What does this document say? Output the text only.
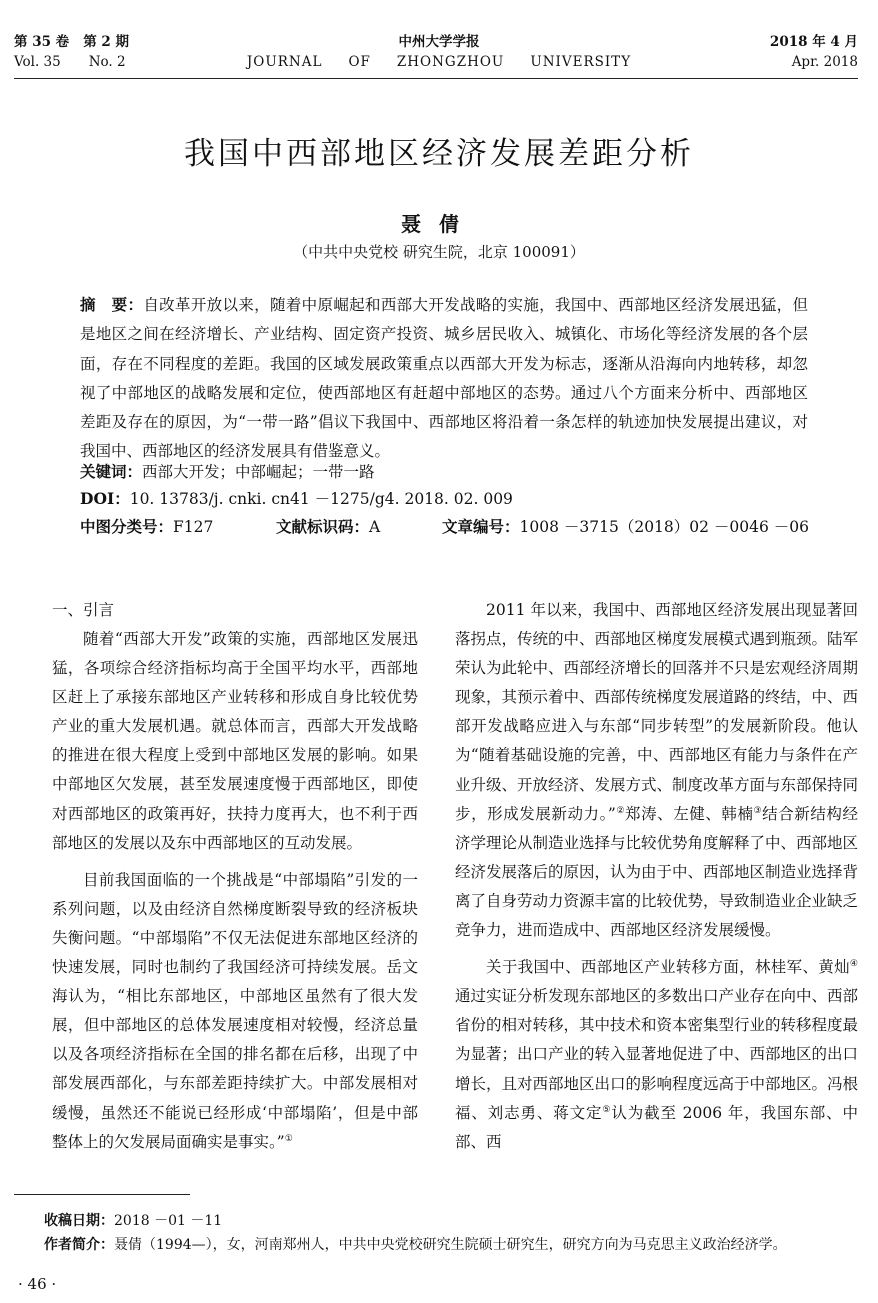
第 35 卷 第 2 期
Vol. 35 No. 2
中州大学学报
JOURNAL OF ZHONGZHOU UNIVERSITY
2018 年 4 月
Apr. 2018
我国中西部地区经济发展差距分析
聂倩
（中共中央党校 研究生院，北京 100091）
摘　要：自改革开放以来，随着中原崛起和西部大开发战略的实施，我国中、西部地区经济发展迅猛，但是地区之间在经济增长、产业结构、固定资产投资、城乡居民收入、城镇化、市场化等经济发展的各个层面，存在不同程度的差距。我国的区域发展政策重点以西部大开发为标志，逐渐从沿海向内地转移，却忽视了中部地区的战略发展和定位，使西部地区有赶超中部地区的态势。通过八个方面来分析中、西部地区差距及存在的原因，为“一带一路”倡议下我国中、西部地区将沿着一条怎样的轨迹加快发展提出建议，对我国中、西部地区的经济发展具有借鉴意义。
关键词：西部大开发；中部崛起；一带一路
DOI：10. 13783/j. cnki. cn41 －1275/g4. 2018. 02. 009
中图分类号：F127	文献标识码：A	文章编号：1008 －3715（2018）02 －0046 －06
一、引言

随着“西部大开发”政策的实施，西部地区发展迅猛，各项综合经济指标均高于全国平均水平，西部地区赶上了承接东部地区产业转移和形成自身比较优势产业的重大发展机遇。就总体而言，西部大开发战略的推进在很大程度上受到中部地区发展的影响。如果中部地区欠发展，甚至发展速度慢于西部地区，即使对西部地区的政策再好，扶持力度再大，也不利于西部地区的发展以及东中西部地区的互动发展。

目前我国面临的一个挑战是“中部塌陷”引发的一系列问题，以及由经济自然梯度断裂导致的经济板块失衡问题。“中部塌陷”不仅无法促进东部地区经济的快速发展，同时也制约了我国经济可持续发展。岳文海认为，“相比东部地区，中部地区虽然有了很大发展，但中部地区的总体发展速度相对较慢，经济总量以及各项经济指标在全国的排名都在后移，出现了中部发展西部化，与东部差距持续扩大。中部发展相对缓慢，虽然还不能说已经形成‘中部塌陷’，但是中部整体上的欠发展局面确实是事实。”①

2011 年以来，我国中、西部地区经济发展出现显著回落拐点，传统的中、西部地区梯度发展模式遇到瓶颈。陆军荣认为此轮中、西部经济增长的回落并不只是宏观经济周期现象，其预示着中、西部传统梯度发展道路的终结，中、西部开发战略应进入与东部“同步转型”的发展新阶段。他认为“随着基础设施的完善，中、西部地区有能力与条件在产业升级、开放经济、发展方式、制度改革方面与东部保持同步，形成发展新动力。”②郑涛、左健、韩楠③结合新结构经济学理论从制造业选择与比较优势角度解释了中、西部地区经济发展落后的原因，认为由于中、西部地区制造业选择背离了自身劳动力资源丰富的比较优势，导致制造业企业缺乏竞争力，进而造成中、西部地区经济发展缓慢。

关于我国中、西部地区产业转移方面，林桂军、黄灿④通过实证分析发现东部地区的多数出口产业存在向中、西部省份的相对转移，其中技术和资本密集型行业的转移程度最为显著；出口产业的转入显著地促进了中、西部地区的出口增长，且对西部地区出口的影响程度远高于中部地区。冯根福、刘志勇、蒋文定⑤认为截至 2006 年，我国东部、中部、西

收稿日期：2018 －01 －11
作者简介：聂倩（1994—），女，河南郑州人，中共中央党校研究生院硕士研究生，研究方向为马克思主义政治经济学。
· 46 ·
